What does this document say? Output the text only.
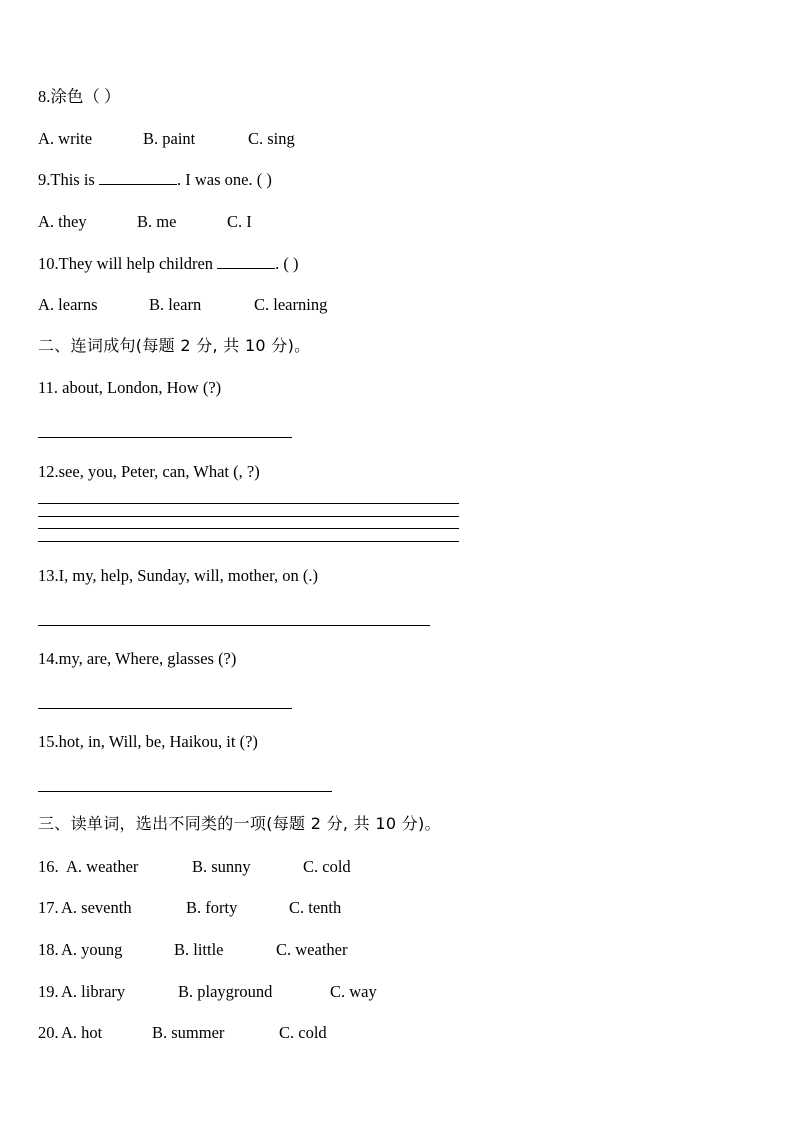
8.涂色（ ）
A. write	B. paint	C. sing
9.This is	. I was one. ( )
A. they	B. me	C. I
10.They will help children	. ( )
A. learns	B. learn	C. learning
二、连词成句(每题 2 分, 共 10 分)。
11. about, London, How (?)
12.see, you, Peter, can, What (, ?)
13.I, my, help, Sunday, will, mother, on (.)
14.my, are, Where, glasses (?)
15.hot, in, Will, be, Haikou, it (?)
三、读单词，选出不同类的一项(每题 2 分, 共 10 分)。
16. A. weather	B. sunny	C. cold
17. A. seventh	B. forty	C. tenth
18. A. young	B. little	C. weather
19. A. library	B. playground	C. way
20. A. hot	B. summer	C. cold
